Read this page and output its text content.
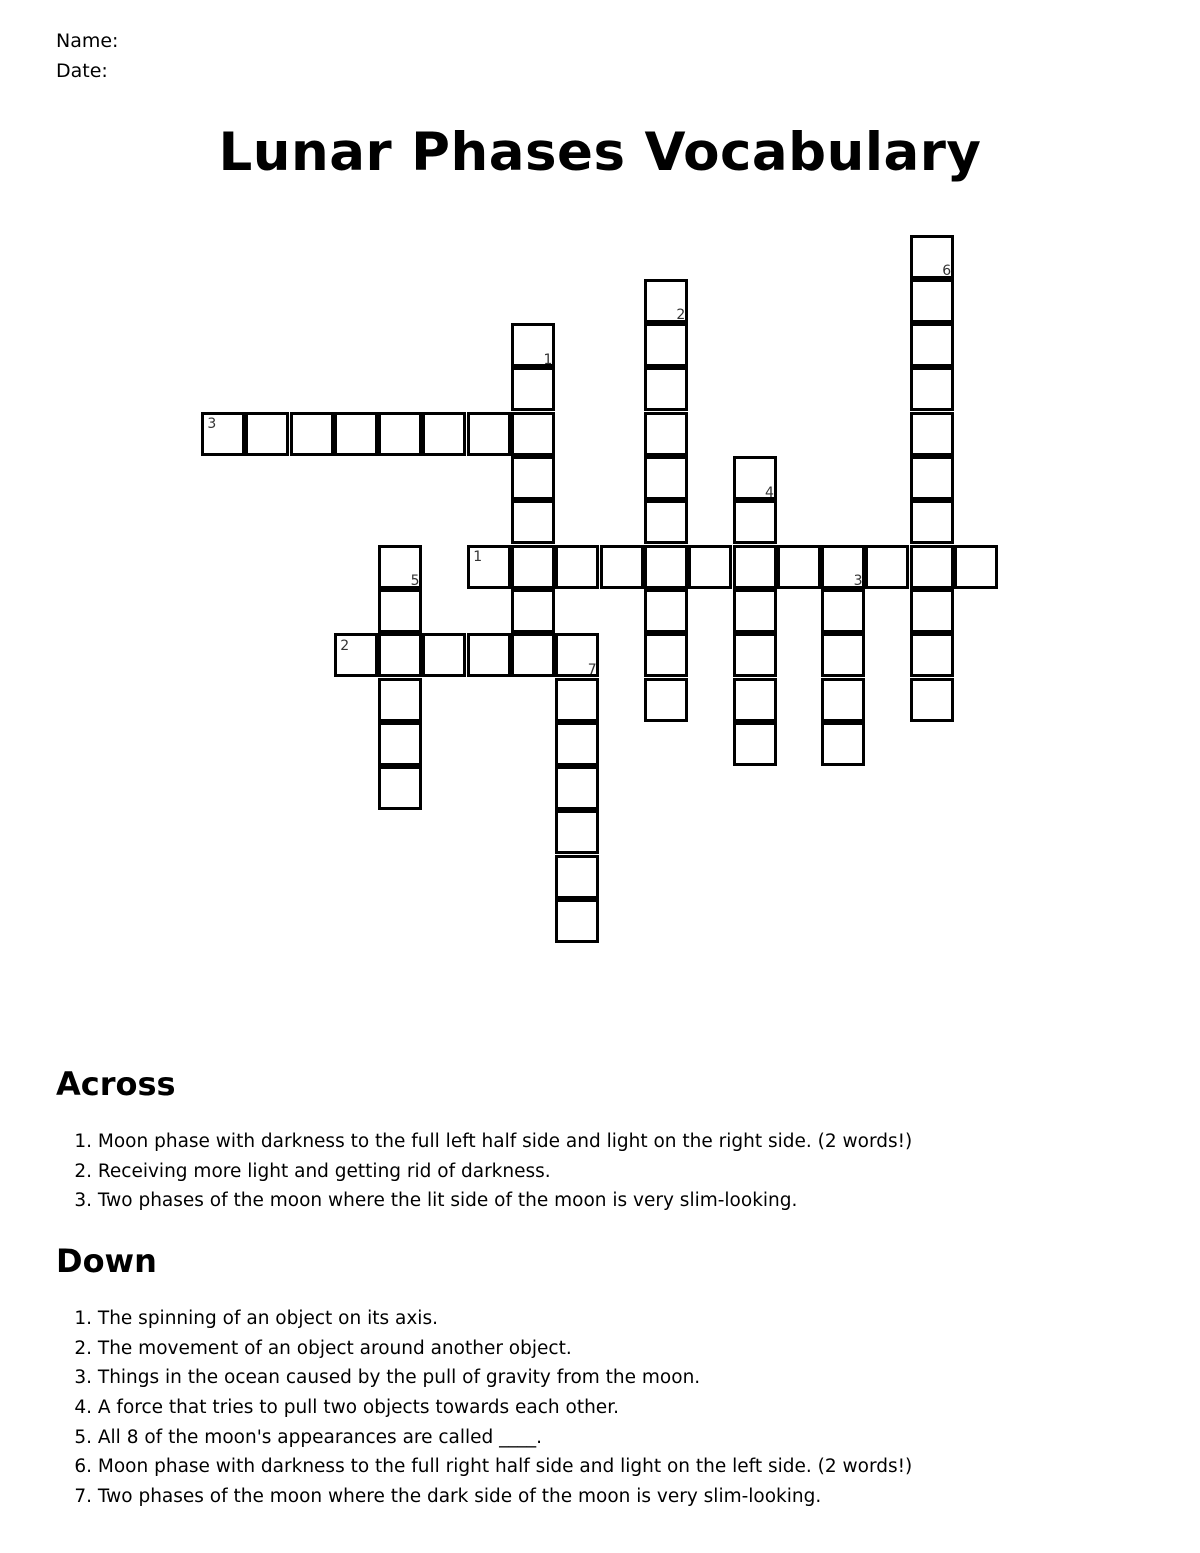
Name:
Date:
Lunar Phases Vocabulary
1
2
3
1
2
3
4
5
6
7
Across
1. Moon phase with darkness to the full left half side and light on the right side. (2 words!)
2. Receiving more light and getting rid of darkness.
3. Two phases of the moon where the lit side of the moon is very slim-looking.
Down
1. The spinning of an object on its axis.
2. The movement of an object around another object.
3. Things in the ocean caused by the pull of gravity from the moon.
4. A force that tries to pull two objects towards each other.
5. All 8 of the moon's appearances are called ____.
6. Moon phase with darkness to the full right half side and light on the left side. (2 words!)
7. Two phases of the moon where the dark side of the moon is very slim-looking.
